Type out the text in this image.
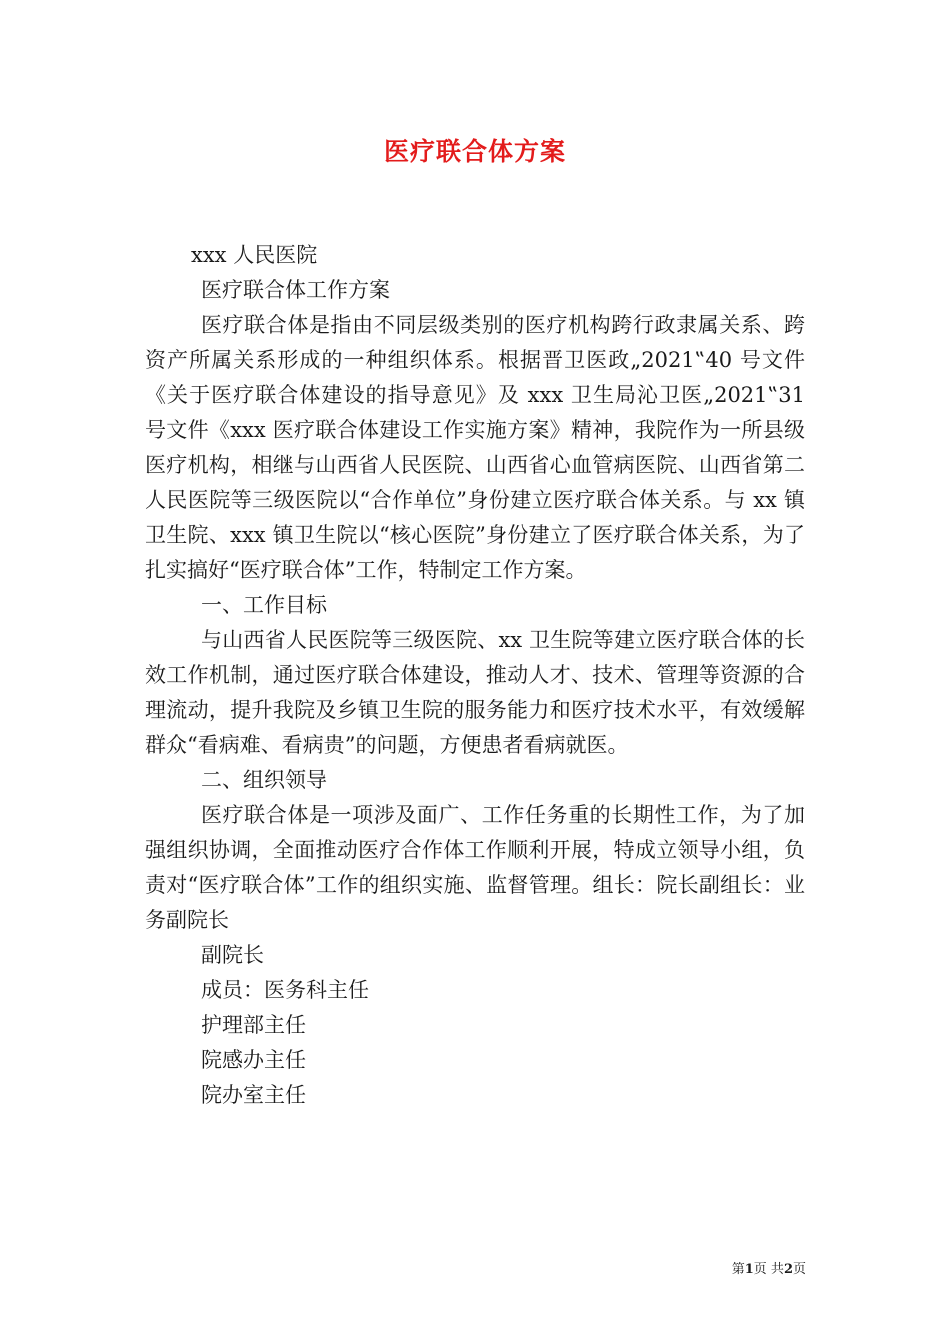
医疗联合体方案

xxx 人民医院

医疗联合体工作方案

医疗联合体是指由不同层级类别的医疗机构跨行政隶属关系、跨资产所属关系形成的一种组织体系。根据晋卫医政„2021‟40 号文件《关于医疗联合体建设的指导意见》及 xxx 卫生局沁卫医„2021‟31 号文件《xxx 医疗联合体建设工作实施方案》精神，我院作为一所县级医疗机构，相继与山西省人民医院、山西省心血管病医院、山西省第二人民医院等三级医院以“合作单位”身份建立医疗联合体关系。与 xx 镇卫生院、xxx 镇卫生院以“核心医院”身份建立了医疗联合体关系，为了扎实搞好“医疗联合体”工作，特制定工作方案。

一、工作目标

与山西省人民医院等三级医院、xx 卫生院等建立医疗联合体的长效工作机制，通过医疗联合体建设，推动人才、技术、管理等资源的合理流动，提升我院及乡镇卫生院的服务能力和医疗技术水平，有效缓解群众“看病难、看病贵”的问题，方便患者看病就医。

二、组织领导

医疗联合体是一项涉及面广、工作任务重的长期性工作，为了加强组织协调，全面推动医疗合作体工作顺利开展，特成立领导小组，负责对“医疗联合体”工作的组织实施、监督管理。组长：院长副组长：业务副院长

副院长

成员：医务科主任

护理部主任

院感办主任

院办室主任

第1页 共2页
